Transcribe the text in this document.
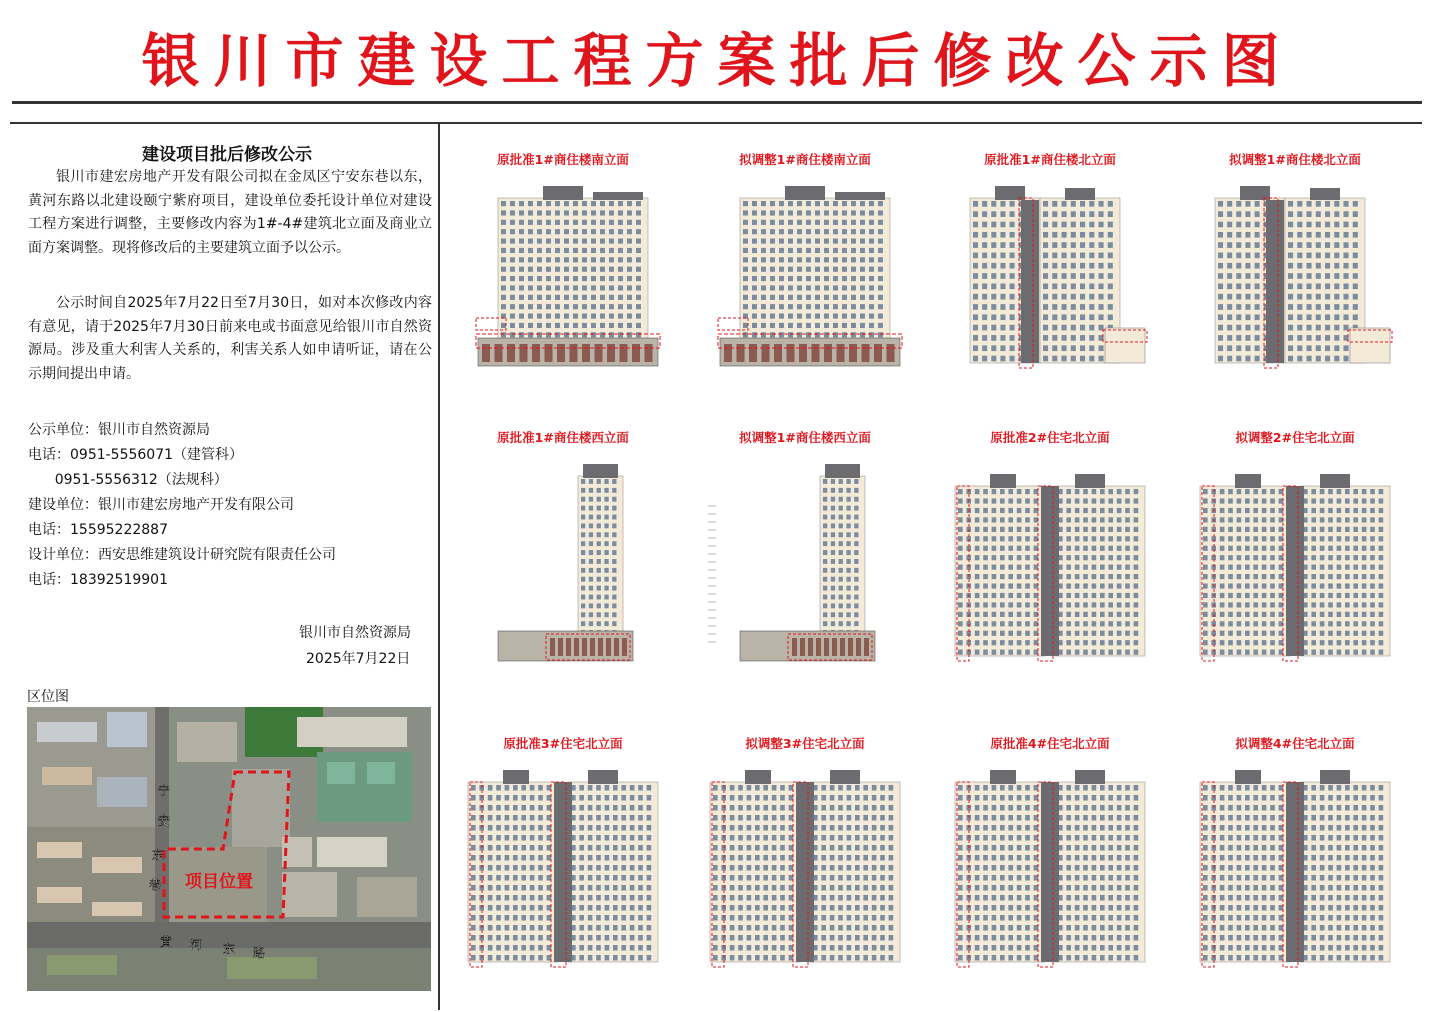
银川市建设工程方案批后修改公示图
建设项目批后修改公示
银川市建宏房地产开发有限公司拟在金凤区宁安东巷以东，黄河东路以北建设颐宁紫府项目，建设单位委托设计单位对建设工程方案进行调整，主要修改内容为1#-4#建筑北立面及商业立面方案调整。现将修改后的主要建筑立面予以公示。
公示时间自2025年7月22日至7月30日，如对本次修改内容有意见，请于2025年7月30日前来电或书面意见给银川市自然资源局。涉及重大利害人关系的，利害关系人如申请听证，请在公示期间提出申请。
公示单位：银川市自然资源局
电话：0951-5556071（建管科）
0951-5556312（法规科）
建设单位：银川市建宏房地产开发有限公司
电话：15595222887
设计单位：西安思维建筑设计研究院有限责任公司
电话：18392519901
银川市自然资源局
2025年7月22日
区位图
项目位置
宁
安
东
巷
黄 河 东 路
原批准1#商住楼南立面	拟调整1#商住楼南立面	原批准1#商住楼北立面	拟调整1#商住楼北立面
原批准1#商住楼西立面	拟调整1#商住楼西立面	原批准2#住宅北立面	拟调整2#住宅北立面
原批准3#住宅北立面	拟调整3#住宅北立面	原批准4#住宅北立面	拟调整4#住宅北立面
